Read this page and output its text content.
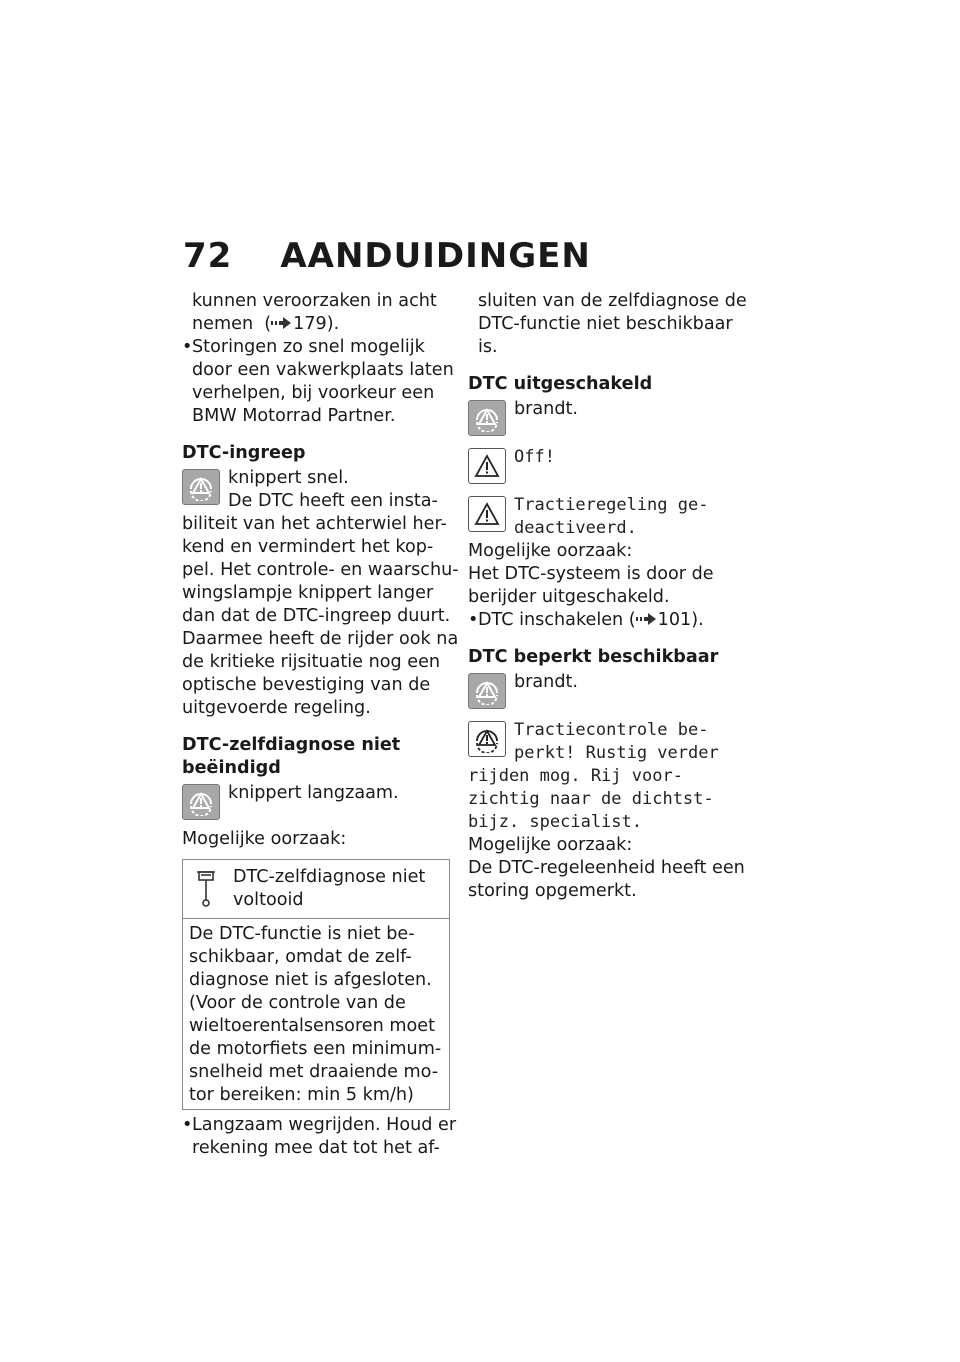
72 AANDUIDINGEN
kunnen veroorzaken in acht
nemen  ( 179).
•Storingen zo snel mogelijk
door een vakwerkplaats laten
verhelpen, bij voorkeur een
BMW Motorrad Partner.
DTC-ingreep
knippert snel.
De DTC heeft een insta-
biliteit van het achterwiel her-
kend en vermindert het kop-
pel. Het controle- en waarschu-
wingslampje knippert langer
dan dat de DTC-ingreep duurt.
Daarmee heeft de rijder ook na
de kritieke rijsituatie nog een
optische bevestiging van de
uitgevoerde regeling.
DTC-zelfdiagnose niet
beëindigd
knippert langzaam.
Mogelijke oorzaak:
DTC-zelfdiagnose niet
voltooid
De DTC-functie is niet be-
schikbaar, omdat de zelf-
diagnose niet is afgesloten.
(Voor de controle van de
wieltoerentalsensoren moet
de motorfiets een minimum-
snelheid met draaiende mo-
tor bereiken: min 5 km/h)
•Langzaam wegrijden. Houd er
rekening mee dat tot het af-
sluiten van de zelfdiagnose de
DTC-functie niet beschikbaar
is.
DTC uitgeschakeld
brandt.
Off!
Tractieregeling ge-
deactiveerd.
Mogelijke oorzaak:
Het DTC-systeem is door de
berijder uitgeschakeld.
•DTC inschakelen ( 101).
DTC beperkt beschikbaar
brandt.
Tractiecontrole be-
perkt! Rustig verder
rijden mog. Rij voor-
zichtig naar de dichtst-
bijz. specialist.
Mogelijke oorzaak:
De DTC-regeleenheid heeft een
storing opgemerkt.
